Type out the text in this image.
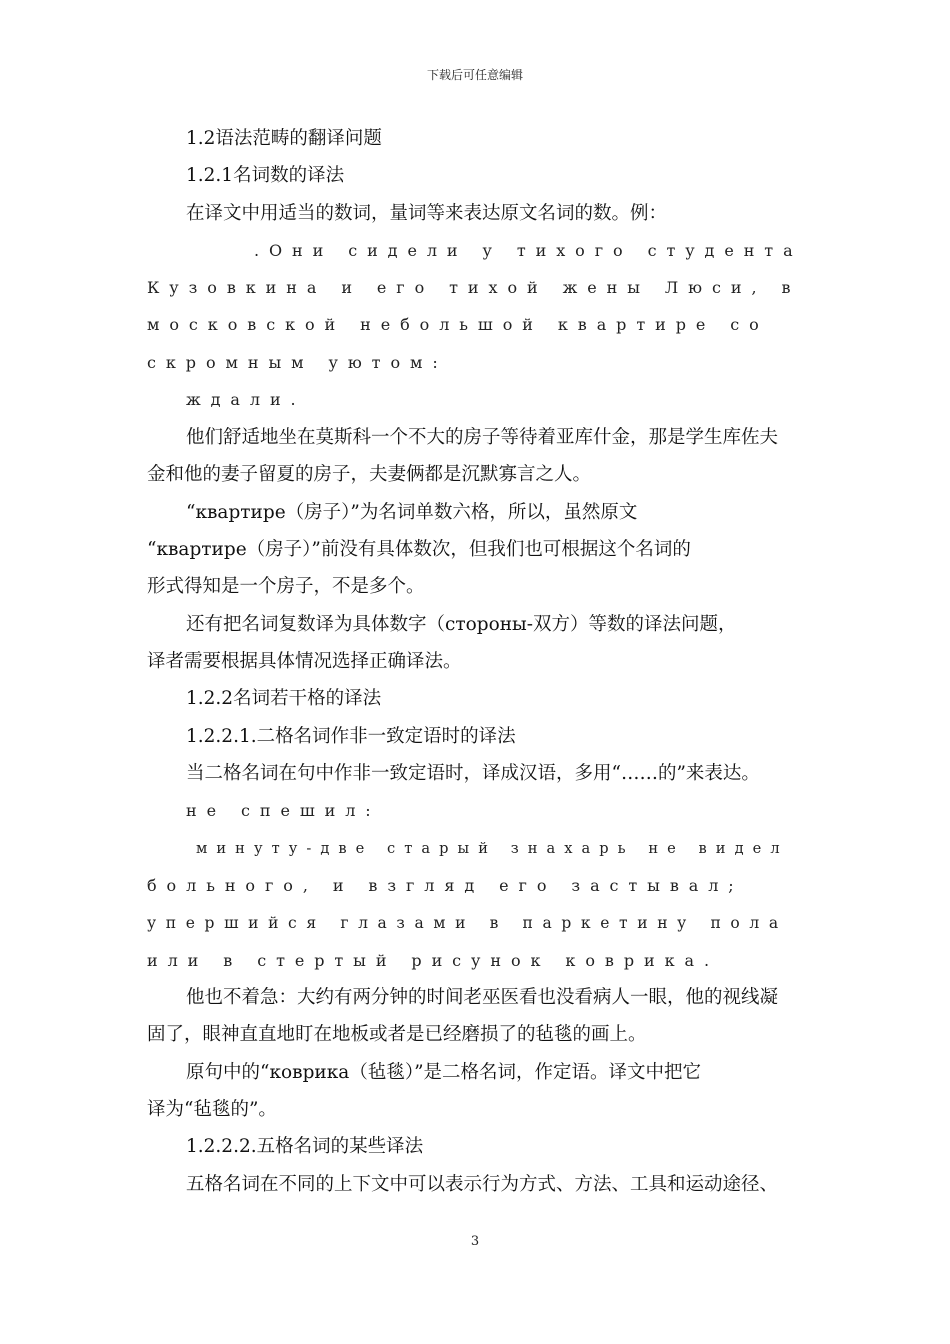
下载后可任意编辑
1.2语法范畴的翻译问题
1.2.1名词数的译法
在译文中用适当的数词，量词等来表达原文名词的数。例：
.Они сидели у тихого студента
Кузовкина и его тихой жены Люси, в
московской небольшой квартире со
скромным уютом:
ждали.
他们舒适地坐在莫斯科一个不大的房子等待着亚库什金，那是学生库佐夫
金和他的妻子留夏的房子，夫妻俩都是沉默寡言之人。
“квартире（房子）”为名词单数六格，所以，虽然原文
“квартире（房子）”前没有具体数次，但我们也可根据这个名词的
形式得知是一个房子，不是多个。
还有把名词复数译为具体数字（стороны-双方）等数的译法问题，
译者需要根据具体情况选择正确译法。
1.2.2名词若干格的译法
1.2.2.1.二格名词作非一致定语时的译法
当二格名词在句中作非一致定语时，译成汉语，多用“……的”来表达。
не спешил:
минуту-две старый знахарь не видел
больного, и взгляд его застывал;
упершийся глазами в паркетину пола
или в стертый рисунок коврика.
他也不着急：大约有两分钟的时间老巫医看也没看病人一眼，他的视线凝
固了，眼神直直地盯在地板或者是已经磨损了的毡毯的画上。
原句中的“коврика（毡毯）”是二格名词，作定语。译文中把它
译为“毡毯的”。
1.2.2.2.五格名词的某些译法
五格名词在不同的上下文中可以表示行为方式、方法、工具和运动途径、
3
